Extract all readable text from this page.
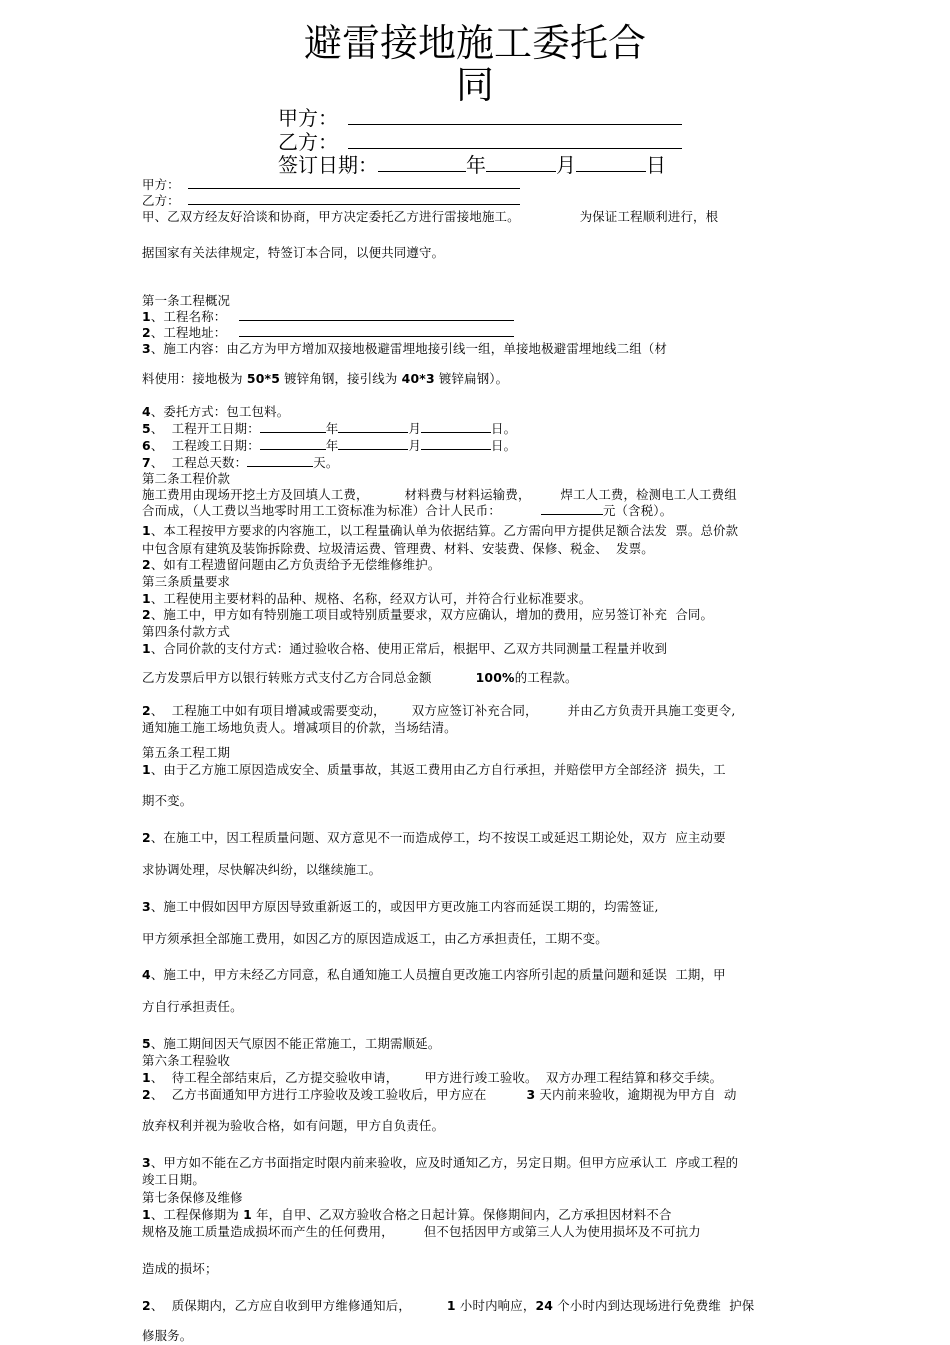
避雷接地施工委托合
同
甲方：
乙方：
签订日期：	年	月	日
甲方：
乙方：
甲、乙双方经友好洽谈和协商，甲方决定委托乙方进行雷接地施工。	为保证工程顺利进行，根
据国家有关法律规定，特签订本合同，以便共同遵守。
第一条工程概况
1、工程名称：
2、工程地址：
3、施工内容：由乙方为甲方增加双接地极避雷埋地接引线一组，单接地极避雷埋地线二组（材
料使用：接地极为 50*5 镀锌角钢，接引线为 40*3 镀锌扁钢）。
4、委托方式：包工包料。
5、  工程开工日期：	年	月	日。
6、  工程竣工日期：	年	月	日。
7、  工程总天数：	天。
第二条工程价款
施工费用由现场开挖土方及回填人工费，	材料费与材料运输费， 焊工人工费，检测电工人工费组
合而成，（人工费以当地零时用工工资标准为标准）合计人民币：	元（含税）。
1、本工程按甲方要求的内容施工，以工程量确认单为依据结算。乙方需向甲方提供足额合法发  票。总价款
中包含原有建筑及装饰拆除费、垃圾清运费、管理费、材料、安装费、保修、税金、  发票。
2、如有工程遗留问题由乙方负责给予无偿维修维护。
第三条质量要求
1、工程使用主要材料的品种、规格、名称，经双方认可，并符合行业标准要求。
2、施工中，甲方如有特别施工项目或特别质量要求，双方应确认，增加的费用，应另签订补充  合同。
第四条付款方式
1、合同价款的支付方式：通过验收合格、使用正常后，根据甲、乙双方共同测量工程量并收到
乙方发票后甲方以银行转账方式支付乙方合同总金额	100%的工程款。
2、  工程施工中如有项目增减或需要变动， 双方应签订补充合同， 并由乙方负责开具施工变更令,
通知施工施工场地负责人。增减项目的价款，当场结清。
第五条工程工期
1、由于乙方施工原因造成安全、质量事故，其返工费用由乙方自行承担，并赔偿甲方全部经济  损失，工
期不变。
2、在施工中，因工程质量问题、双方意见不一而造成停工，均不按误工或延迟工期论处，双方  应主动要
求协调处理，尽快解决纠纷，以继续施工。
3、施工中假如因甲方原因导致重新返工的，或因甲方更改施工内容而延误工期的，均需签证,
甲方须承担全部施工费用，如因乙方的原因造成返工，由乙方承担责任，工期不变。
4、施工中，甲方未经乙方同意，私自通知施工人员擅自更改施工内容所引起的质量问题和延误  工期，甲
方自行承担责任。
5、施工期间因天气原因不能正常施工，工期需顺延。
第六条工程验收
1、  待工程全部结束后，乙方提交验收申请， 甲方进行竣工验收。  双方办理工程结算和移交手续。
2、  乙方书面通知甲方进行工序验收及竣工验收后，甲方应在	3 天内前来验收，逾期视为甲方自  动
放弃权利并视为验收合格，如有问题，甲方自负责任。
3、甲方如不能在乙方书面指定时限内前来验收，应及时通知乙方，另定日期。但甲方应承认工  序或工程的
竣工日期。
第七条保修及维修
1、工程保修期为 1 年，自甲、乙双方验收合格之日起计算。保修期间内，乙方承担因材料不合
规格及施工质量造成损坏而产生的任何费用， 但不包括因甲方或第三人人为使用损坏及不可抗力
造成的损坏；
2、  质保期内，乙方应自收到甲方维修通知后，	1 小时内响应，24 个小时内到达现场进行免费维  护保
修服务。
